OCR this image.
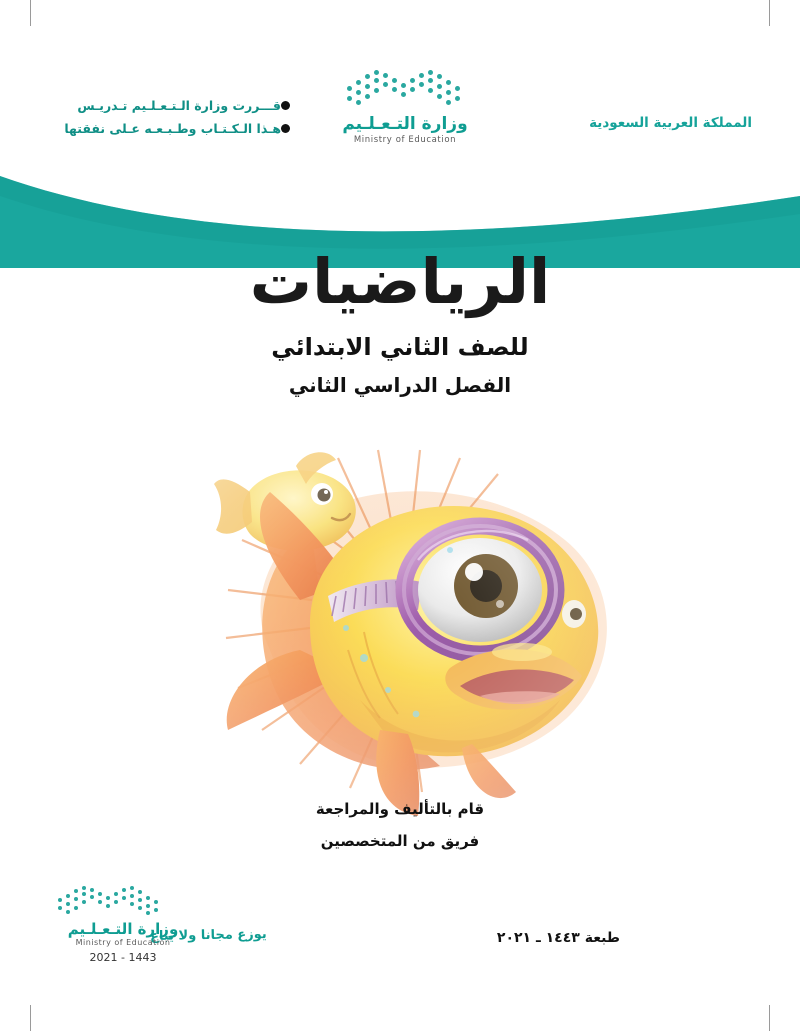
المملكة العربية السعودية
وزارة التـعـلـيم
Ministry of Education
قـــررت وزارة الـتـعـلـيم تـدريـس
هـذا الـكـتـاب وطـبـعـه عـلى نفقتها
الرياضيات
للصف الثاني الابتدائي
الفصل الدراسي الثاني
قام بالتأليف والمراجعة
فريق من المتخصصين
طبعة ١٤٤٣ ـ ٢٠٢١
يوزع مجانا ولا يباع
وزارة التـعـلـيم
Ministry of Education
2021 - 1443
